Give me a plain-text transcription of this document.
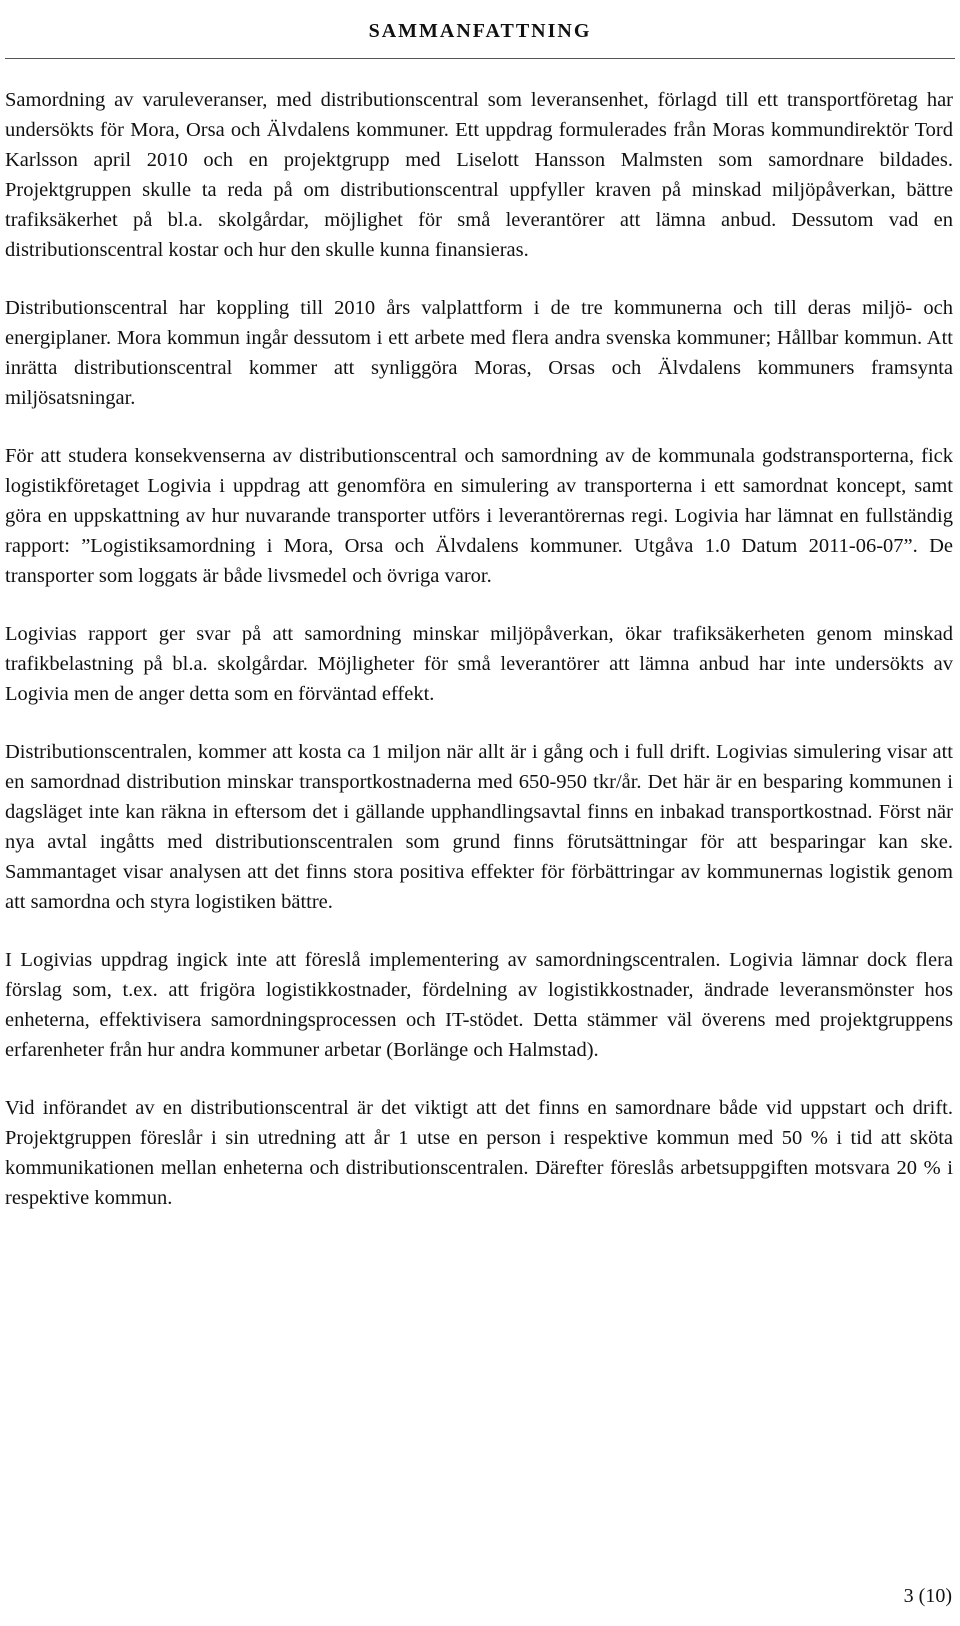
SAMMANFATTNING

Samordning av varuleveranser, med distributionscentral som leveransenhet, förlagd till ett transportföretag har undersökts för Mora, Orsa och Älvdalens kommuner. Ett uppdrag formulerades från Moras kommundirektör Tord Karlsson april 2010 och en projektgrupp med Liselott Hansson Malmsten som samordnare bildades. Projektgruppen skulle ta reda på om distributionscentral uppfyller kraven på minskad miljöpåverkan, bättre trafiksäkerhet på bl.a. skolgårdar, möjlighet för små leverantörer att lämna anbud. Dessutom vad en distributionscentral kostar och hur den skulle kunna finansieras.

Distributionscentral har koppling till 2010 års valplattform i de tre kommunerna och till deras miljö- och energiplaner. Mora kommun ingår dessutom i ett arbete med flera andra svenska kommuner; Hållbar kommun. Att inrätta distributionscentral kommer att synliggöra Moras, Orsas och Älvdalens kommuners framsynta miljösatsningar.

För att studera konsekvenserna av distributionscentral och samordning av de kommunala godstransporterna, fick logistikföretaget Logivia i uppdrag att genomföra en simulering av transporterna i ett samordnat koncept, samt göra en uppskattning av hur nuvarande transporter utförs i leverantörernas regi. Logivia har lämnat en fullständig rapport: ”Logistiksamordning i Mora, Orsa och Älvdalens kommuner. Utgåva 1.0 Datum 2011-06-07”. De transporter som loggats är både livsmedel och övriga varor.

Logivias rapport ger svar på att samordning minskar miljöpåverkan, ökar trafiksäkerheten genom minskad trafikbelastning på bl.a. skolgårdar. Möjligheter för små leverantörer att lämna anbud har inte undersökts av Logivia men de anger detta som en förväntad effekt.

Distributionscentralen, kommer att kosta ca 1 miljon när allt är i gång och i full drift. Logivias simulering visar att en samordnad distribution minskar transportkostnaderna med 650-950 tkr/år. Det här är en besparing kommunen i dagsläget inte kan räkna in eftersom det i gällande upphandlingsavtal finns en inbakad transportkostnad. Först när nya avtal ingåtts med distributionscentralen som grund finns förutsättningar för att besparingar kan ske. Sammantaget visar analysen att det finns stora positiva effekter för förbättringar av kommunernas logistik genom att samordna och styra logistiken bättre.

I Logivias uppdrag ingick inte att föreslå implementering av samordningscentralen. Logivia lämnar dock flera förslag som, t.ex. att frigöra logistikkostnader, fördelning av logistikkostnader, ändrade leveransmönster hos enheterna, effektivisera samordningsprocessen och IT-stödet. Detta stämmer väl överens med projektgruppens erfarenheter från hur andra kommuner arbetar (Borlänge och Halmstad).

Vid införandet av en distributionscentral är det viktigt att det finns en samordnare både vid uppstart och drift. Projektgruppen föreslår i sin utredning att år 1 utse en person i respektive kommun med 50 % i tid att sköta kommunikationen mellan enheterna och distributionscentralen. Därefter föreslås arbetsuppgiften motsvara 20 % i respektive kommun.

3 (10)
